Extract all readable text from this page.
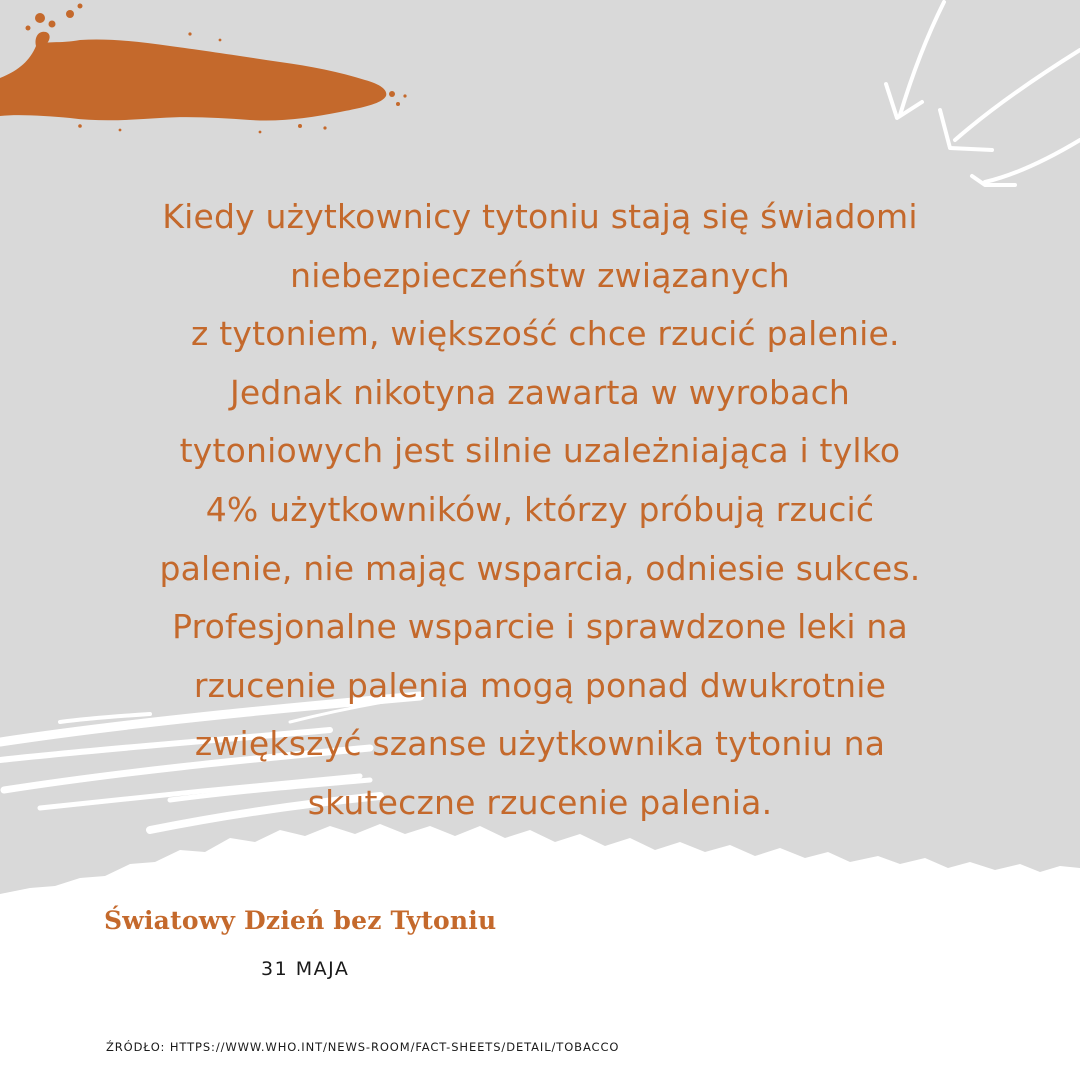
Kiedy użytkownicy tytoniu stają się świadomi
niebezpieczeństw związanych
z tytoniem, większość chce rzucić palenie.
Jednak nikotyna zawarta w wyrobach
tytoniowych jest silnie uzależniająca i tylko
4% użytkowników, którzy próbują rzucić
palenie, nie mając wsparcia, odniesie sukces.
Profesjonalne wsparcie i sprawdzone leki na
rzucenie palenia mogą ponad dwukrotnie
zwiększyć szanse użytkownika tytoniu na
skuteczne rzucenie palenia.
Światowy Dzień bez Tytoniu
31 MAJA
ŹRÓDŁO: HTTPS://WWW.WHO.INT/NEWS-ROOM/FACT-SHEETS/DETAIL/TOBACCO
